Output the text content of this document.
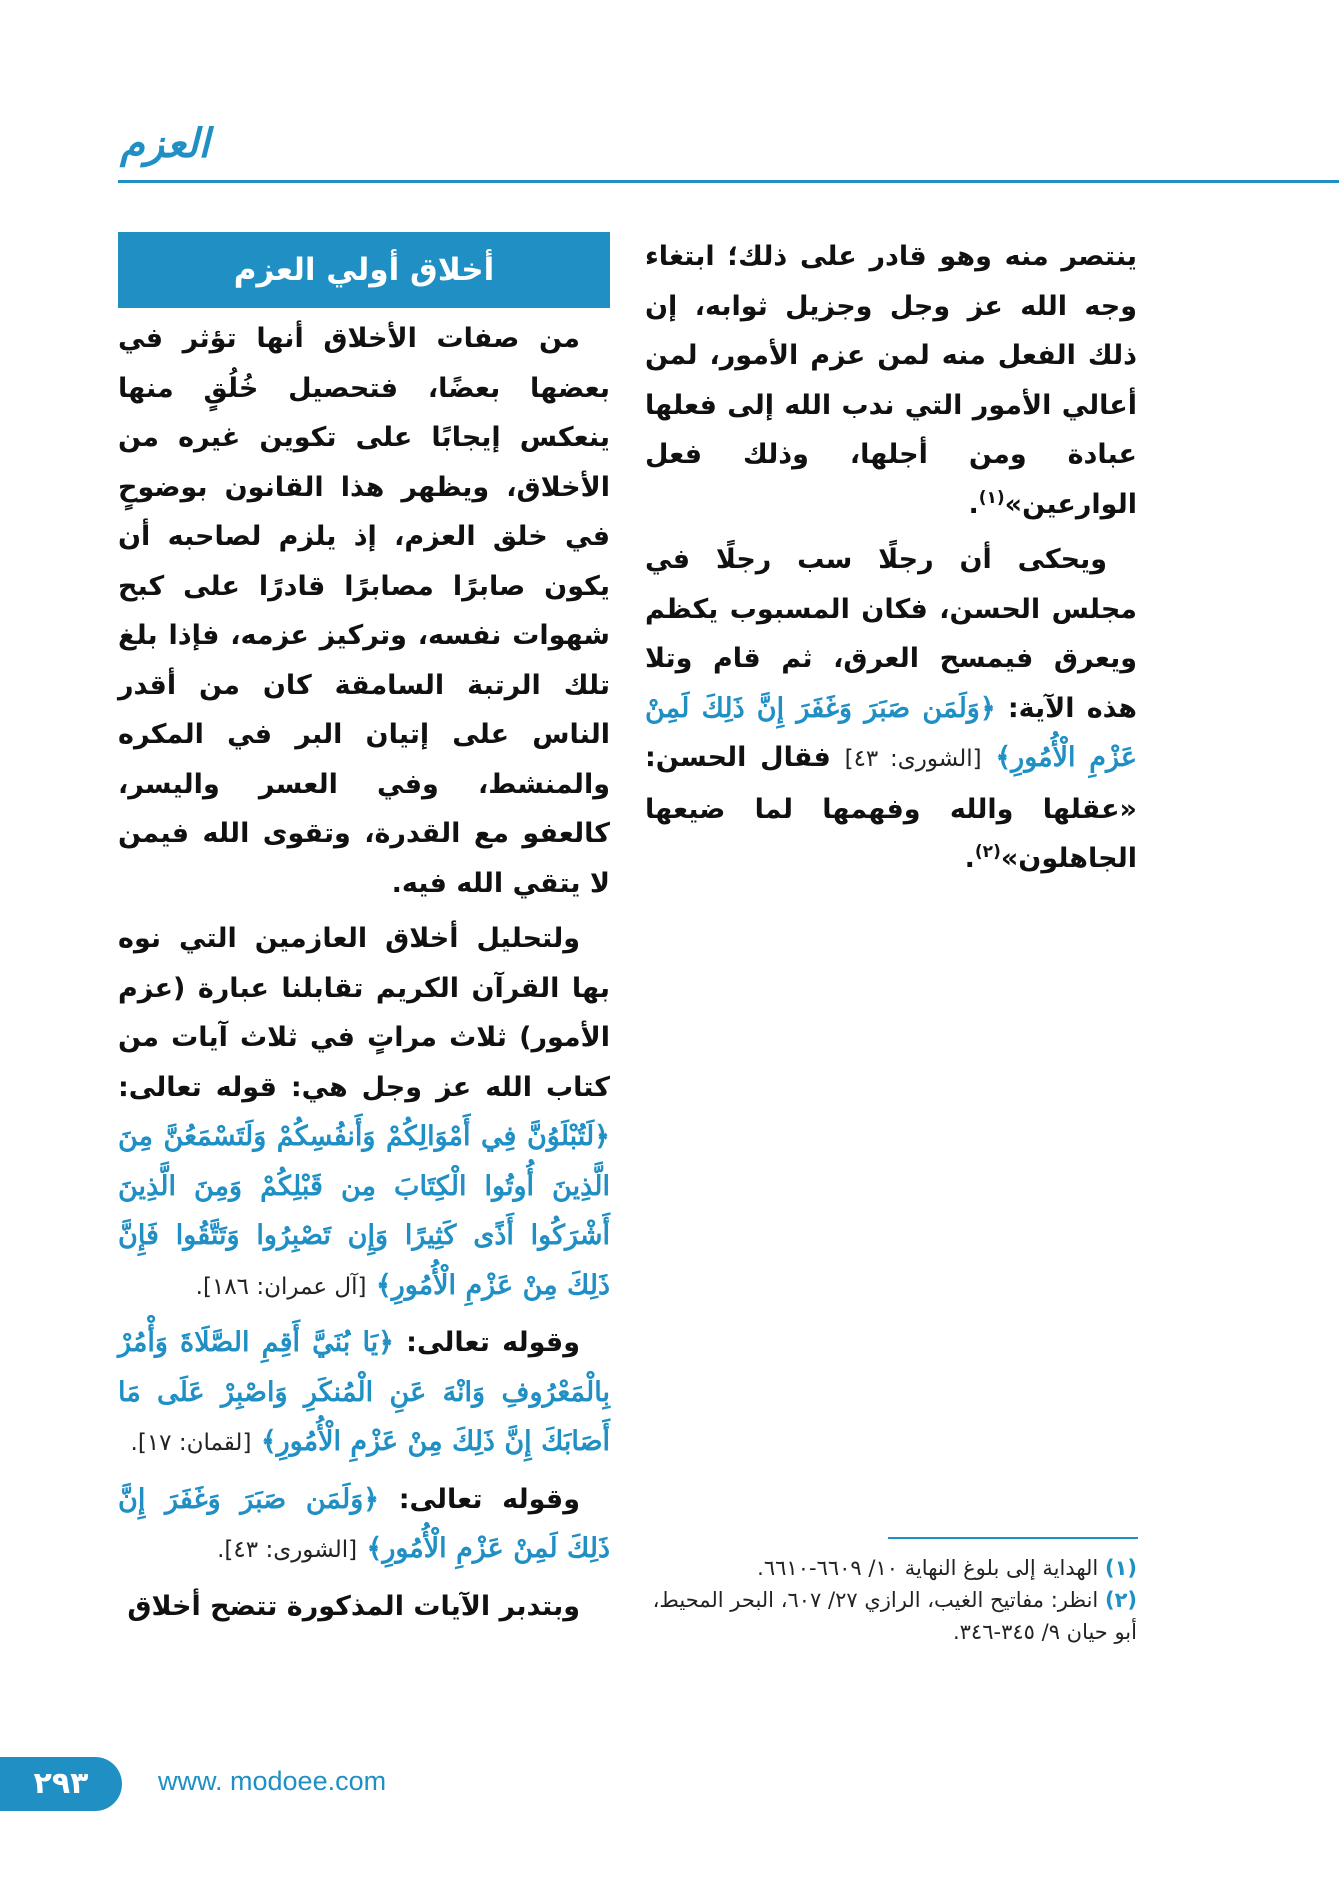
العزم
أخلاق أولي العزم

من صفات الأخلاق أنها تؤثر في بعضها بعضًا، فتحصيل خُلُقٍ منها ينعكس إيجابًا على تكوين غيره من الأخلاق، ويظهر هذا القانون بوضوحٍ في خلق العزم، إذ يلزم لصاحبه أن يكون صابرًا مصابرًا قادرًا على كبح شهوات نفسه، وتركيز عزمه، فإذا بلغ تلك الرتبة السامقة كان من أقدر الناس على إتيان البر في المكره والمنشط، وفي العسر واليسر، كالعفو مع القدرة، وتقوى الله فيمن لا يتقي الله فيه.

ولتحليل أخلاق العازمين التي نوه بها القرآن الكريم تقابلنا عبارة (عزم الأمور) ثلاث مراتٍ في ثلاث آيات من كتاب الله عز وجل هي: قوله تعالى: ﴿لَتُبْلَوُنَّ فِي أَمْوَالِكُمْ وَأَنفُسِكُمْ وَلَتَسْمَعُنَّ مِنَ الَّذِينَ أُوتُوا الْكِتَابَ مِن قَبْلِكُمْ وَمِنَ الَّذِينَ أَشْرَكُوا أَذًى كَثِيرًا وَإِن تَصْبِرُوا وَتَتَّقُوا فَإِنَّ ذَلِكَ مِنْ عَزْمِ الْأُمُورِ﴾ [آل عمران: ١٨٦].

وقوله تعالى: ﴿يَا بُنَيَّ أَقِمِ الصَّلَاةَ وَأْمُرْ بِالْمَعْرُوفِ وَانْهَ عَنِ الْمُنكَرِ وَاصْبِرْ عَلَى مَا أَصَابَكَ إِنَّ ذَلِكَ مِنْ عَزْمِ الْأُمُورِ﴾ [لقمان: ١٧].

وقوله تعالى: ﴿وَلَمَن صَبَرَ وَغَفَرَ إِنَّ ذَلِكَ لَمِنْ عَزْمِ الْأُمُورِ﴾ [الشورى: ٤٣].

وبتدبر الآيات المذكورة تتضح أخلاق

ينتصر منه وهو قادر على ذلك؛ ابتغاء وجه الله عز وجل وجزيل ثوابه، إن ذلك الفعل منه لمن عزم الأمور، لمن أعالي الأمور التي ندب الله إلى فعلها عبادة ومن أجلها، وذلك فعل الوارعين»$^{(١)}$.

ويحكى أن رجلًا سب رجلًا في مجلس الحسن، فكان المسبوب يكظم ويعرق فيمسح العرق، ثم قام وتلا هذه الآية: ﴿وَلَمَن صَبَرَ وَغَفَرَ إِنَّ ذَلِكَ لَمِنْ عَزْمِ الْأُمُورِ﴾ [الشورى: ٤٣] فقال الحسن: «عقلها والله وفهمها لما ضيعها الجاهلون»$^{(٢)}$.

(١) الهداية إلى بلوغ النهاية ١٠/ ٦٦٠٩-٦٦١٠.
(٢) انظر: مفاتيح الغيب، الرازي ٢٧/ ٦٠٧، البحر المحيط، أبو حيان ٩/ ٣٤٥-٣٤٦.
٢٩٣	www. modoee.com
